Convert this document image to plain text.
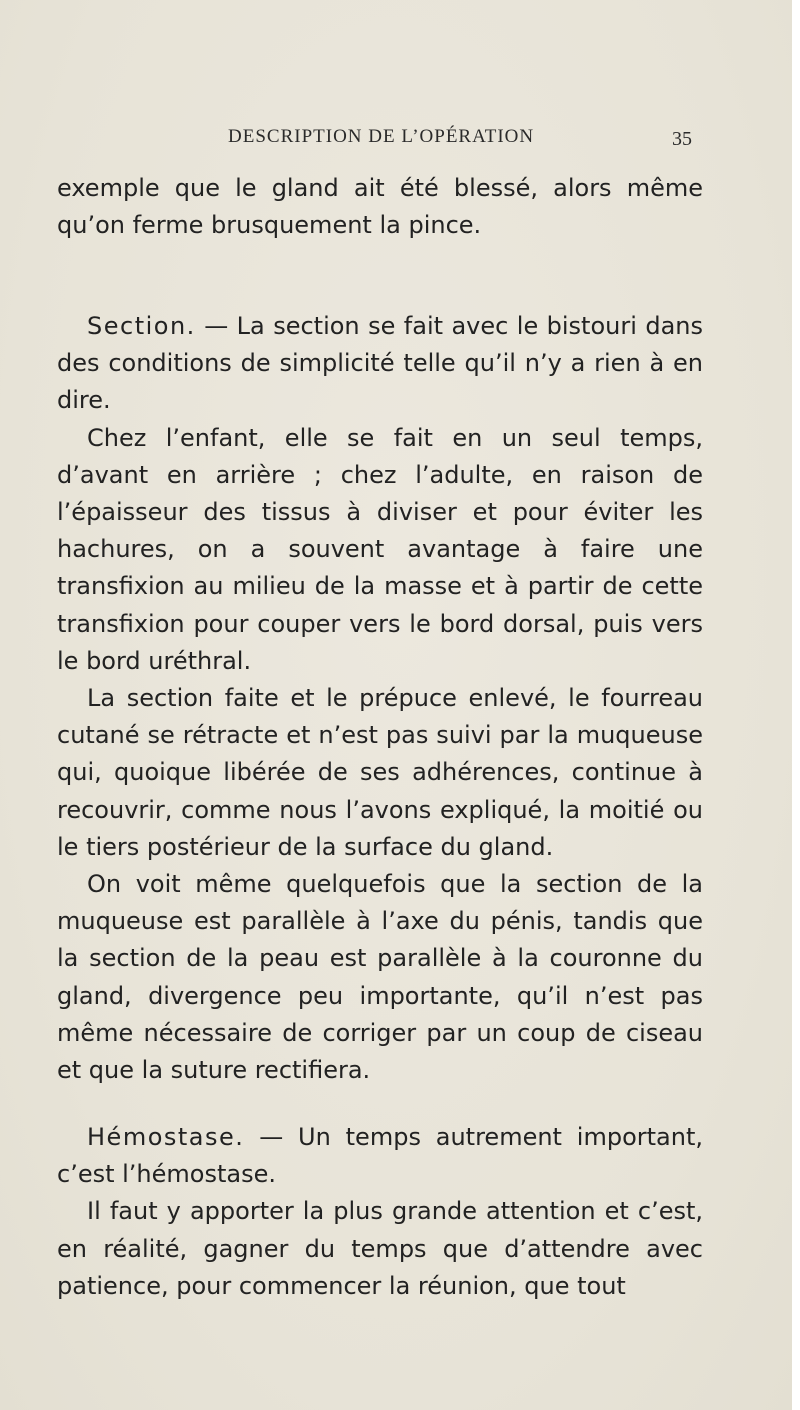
DESCRIPTION DE L’OPÉRATION	35

exemple que le gland ait été blessé, alors même qu’on ferme brusquement la pince.

Section. — La section se fait avec le bistouri dans des conditions de simplicité telle qu’il n’y a rien à en dire.

Chez l’enfant, elle se fait en un seul temps, d’avant en arrière ; chez l’adulte, en raison de l’épaisseur des tissus à diviser et pour éviter les hachures, on a souvent avantage à faire une transfixion au milieu de la masse et à partir de cette transfixion pour couper vers le bord dorsal, puis vers le bord uréthral.

La section faite et le prépuce enlevé, le fourreau cutané se rétracte et n’est pas suivi par la muqueuse qui, quoique libérée de ses adhérences, continue à recouvrir, comme nous l’avons expliqué, la moitié ou le tiers postérieur de la surface du gland.

On voit même quelquefois que la section de la muqueuse est parallèle à l’axe du pénis, tandis que la section de la peau est parallèle à la couronne du gland, divergence peu importante, qu’il n’est pas même nécessaire de corriger par un coup de ciseau et que la suture rectifiera.

Hémostase. — Un temps autrement important, c’est l’hémostase.

Il faut y apporter la plus grande attention et c’est, en réalité, gagner du temps que d’attendre avec patience, pour commencer la réunion, que tout
